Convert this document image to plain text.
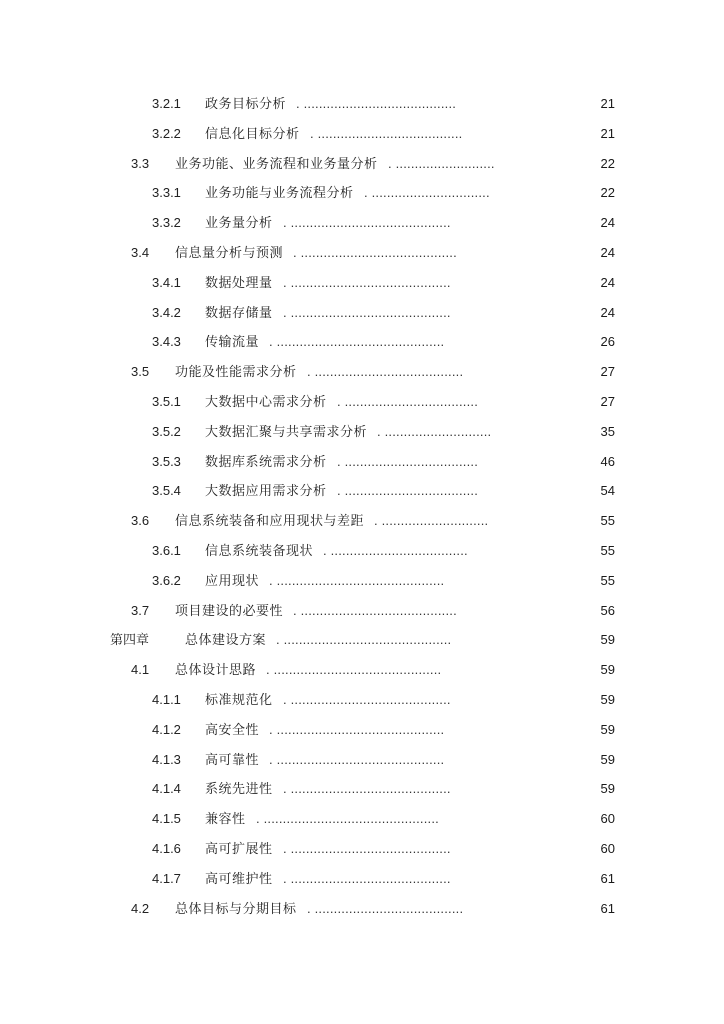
3.2.1 政务目标分析 . ........................................	21
3.2.2 信息化目标分析 . ......................................	21
3.3 业务功能、业务流程和业务量分析 . ..........................	22
3.3.1 业务功能与业务流程分析 . ...............................	22
3.3.2 业务量分析 . ..........................................	24
3.4 信息量分析与预测 . .........................................	24
3.4.1 数据处理量 . ..........................................	24
3.4.2 数据存储量 . ..........................................	24
3.4.3 传输流量 . ............................................	26
3.5 功能及性能需求分析 . .......................................	27
3.5.1 大数据中心需求分析 . ...................................	27
3.5.2 大数据汇聚与共享需求分析 . ............................	35
3.5.3 数据库系统需求分析 . ...................................	46
3.5.4 大数据应用需求分析 . ...................................	54
3.6 信息系统装备和应用现状与差距 . ............................	55
3.6.1 信息系统装备现状 . ....................................	55
3.6.2 应用现状 . ............................................	55
3.7 项目建设的必要性 . .........................................	56
第四章	总体建设方案 . ............................................	59
4.1 总体设计思路 . ............................................	59
4.1.1 标准规范化 . ..........................................	59
4.1.2 高安全性 . ............................................	59
4.1.3 高可靠性 . ............................................	59
4.1.4 系统先进性 . ..........................................	59
4.1.5 兼容性 . ..............................................	60
4.1.6 高可扩展性 . ..........................................	60
4.1.7 高可维护性 . ..........................................	61
4.2 总体目标与分期目标 . .......................................	61
